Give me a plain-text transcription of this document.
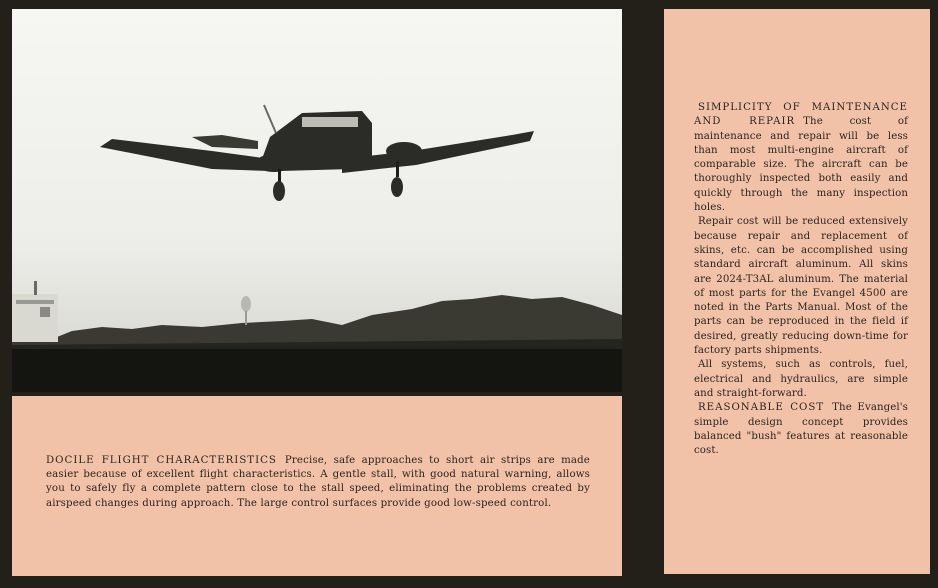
DOCILE FLIGHT CHARACTERISTICS Precise, safe approaches to short air strips are made easier because of excellent flight characteristics. A gentle stall, with good natural warning, allows you to safely fly a complete pattern close to the stall speed, eliminating the problems created by airspeed changes during approach. The large control surfaces provide good low-speed control.

SIMPLICITY OF MAINTENANCE AND REPAIR The cost of maintenance and repair will be less than most multi-engine aircraft of comparable size. The aircraft can be thoroughly inspected both easily and quickly through the many inspection holes.

Repair cost will be reduced extensively because repair and replacement of skins, etc. can be accomplished using standard aircraft aluminum. All skins are 2024-T3AL aluminum. The material of most parts for the Evangel 4500 are noted in the Parts Manual. Most of the parts can be reproduced in the field if desired, greatly reducing down-time for factory parts shipments.

All systems, such as controls, fuel, electrical and hydraulics, are simple and straight-forward.

REASONABLE COST The Evangel's simple design concept provides balanced "bush" features at reasonable cost.
